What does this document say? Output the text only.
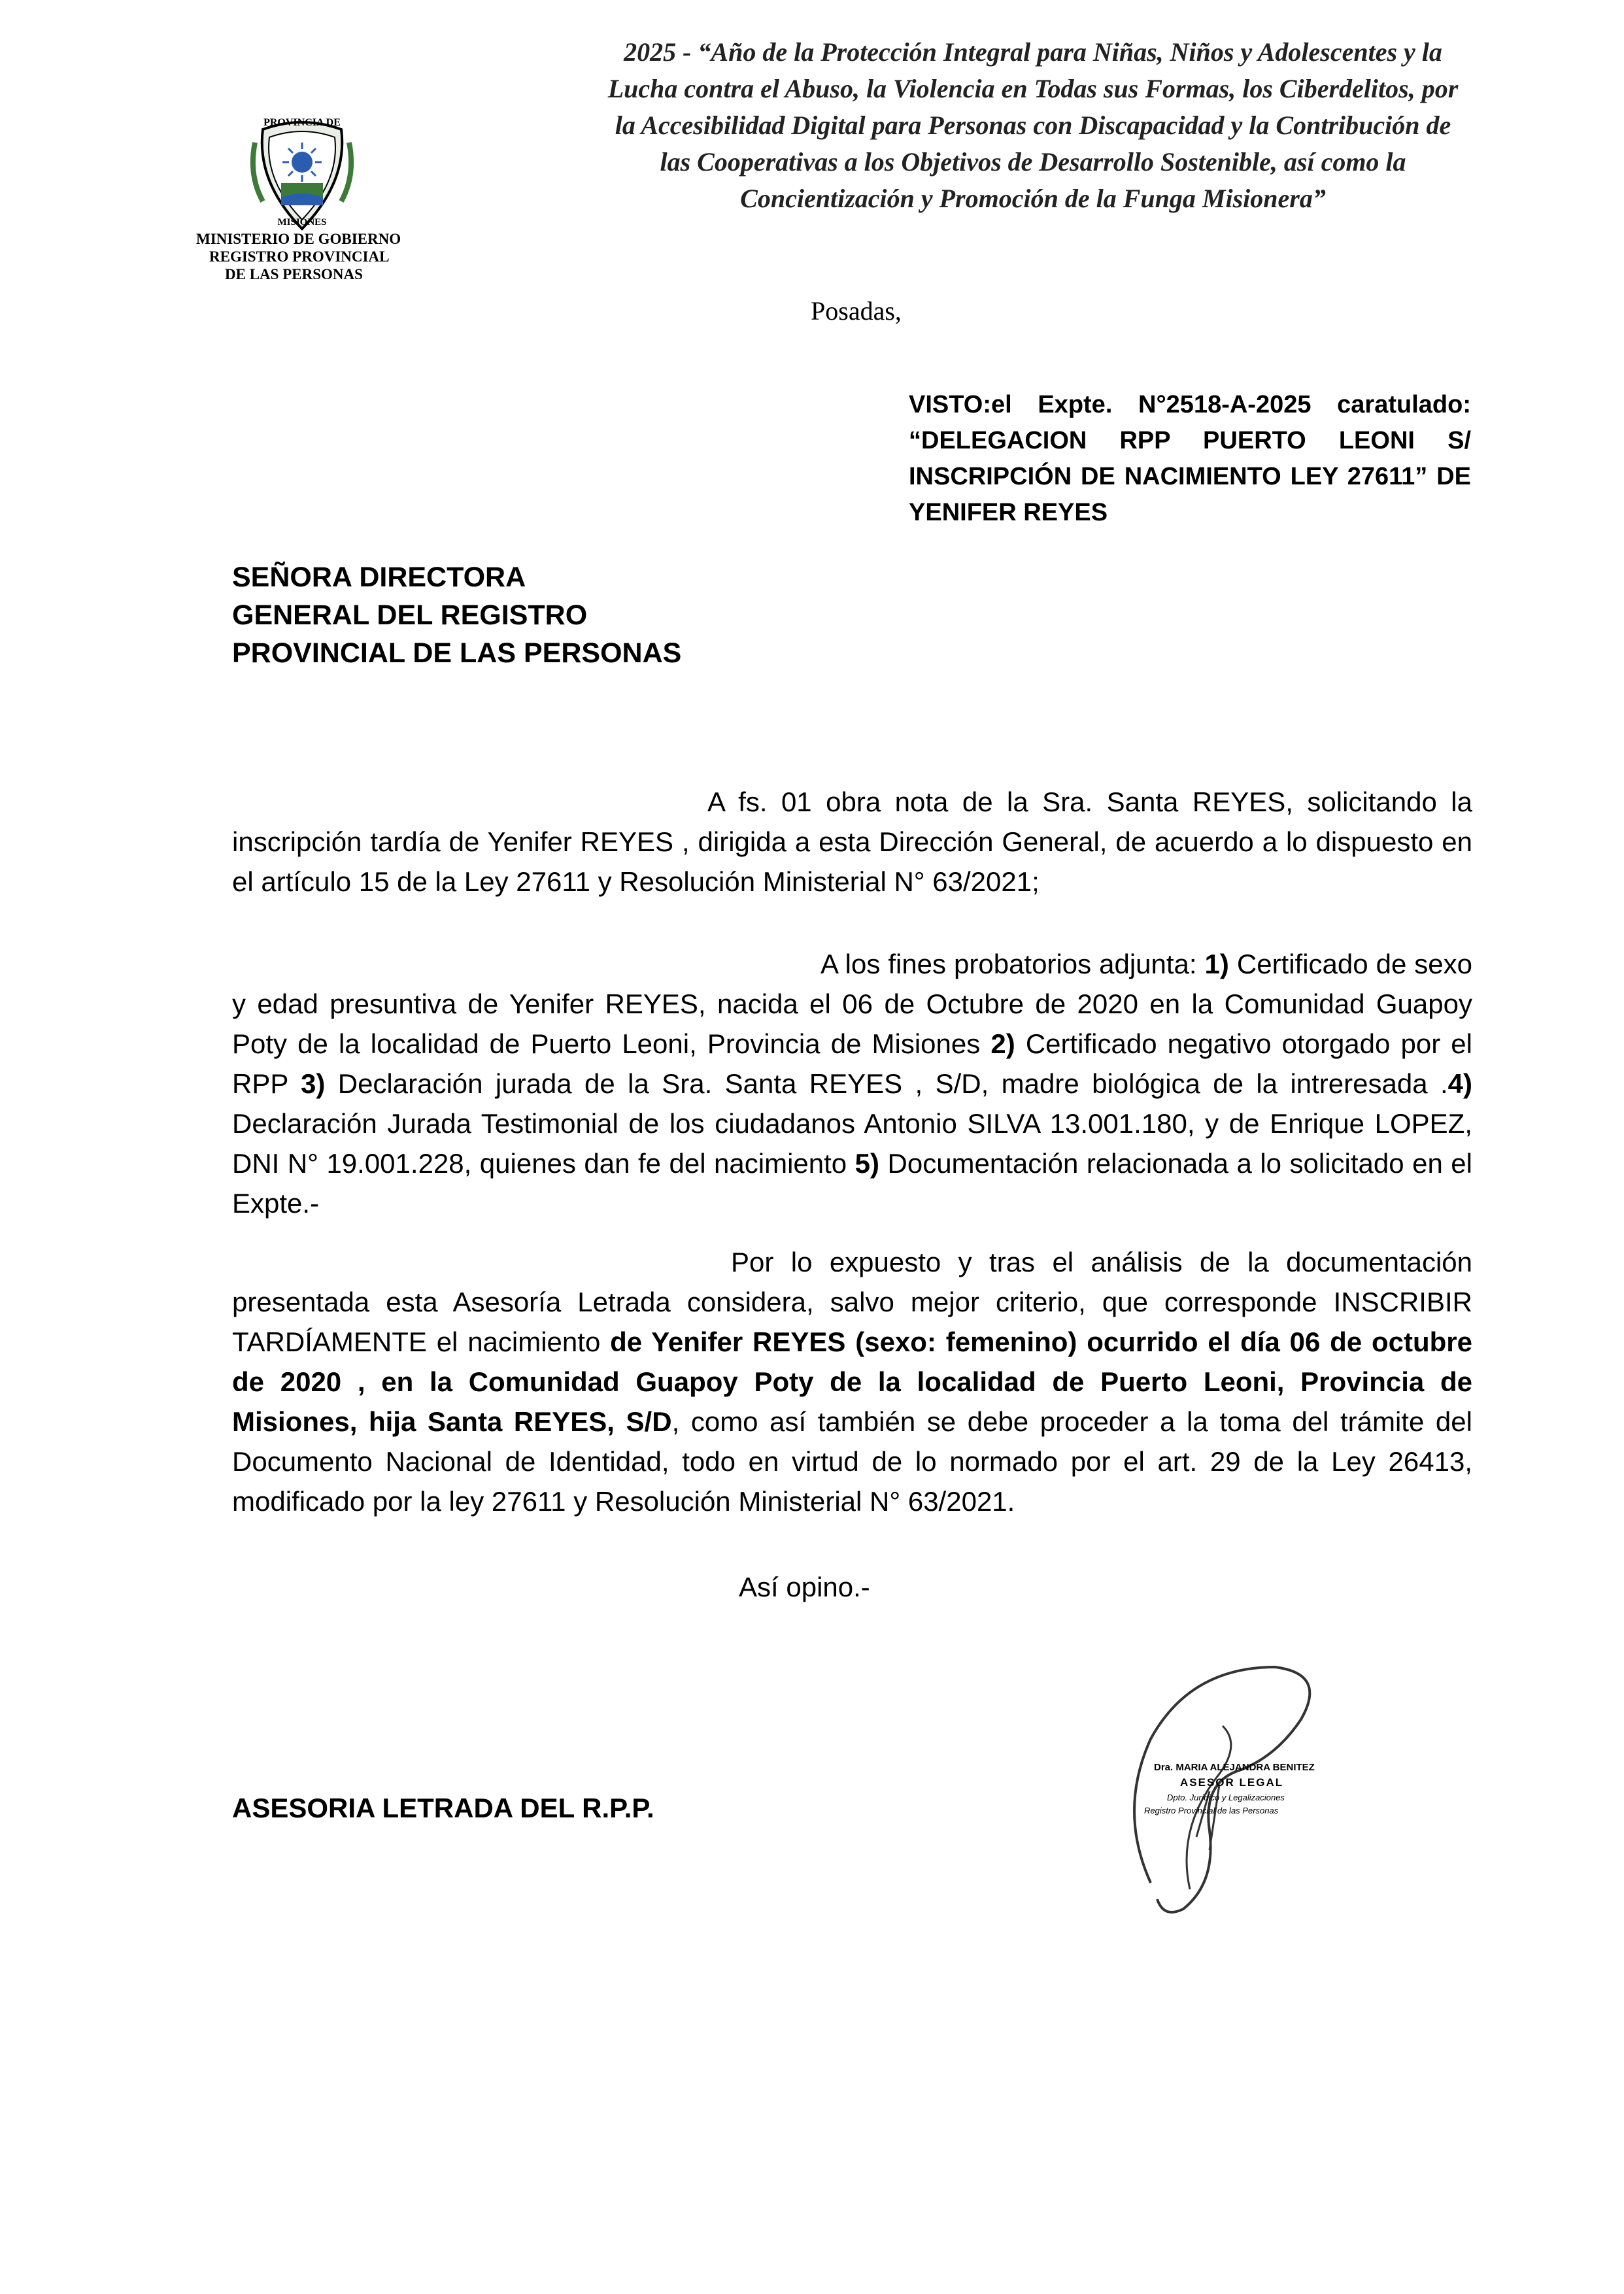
PROVINCIA DE
MISIONES
MINISTERIO DE GOBIERNO
REGISTRO PROVINCIAL
DE LAS PERSONAS
2025 - “Año de la Protección Integral para Niñas, Niños y Adolescentes y la
Lucha contra el Abuso, la Violencia en Todas sus Formas, los Ciberdelitos, por
la Accesibilidad Digital para Personas con Discapacidad y la Contribución de
las Cooperativas a los Objetivos de Desarrollo Sostenible, así como la
Concientización y Promoción de la Funga Misionera”
Posadas,
VISTO:el Expte. N°2518-A-2025 caratulado: “DELEGACION RPP PUERTO LEONI S/ INSCRIPCIÓN DE NACIMIENTO LEY 27611” DE YENIFER REYES
SEÑORA DIRECTORA
GENERAL DEL REGISTRO
PROVINCIAL DE LAS PERSONAS
A fs. 01 obra nota de la Sra. Santa REYES, solicitando la inscripción tardía de Yenifer REYES , dirigida a esta Dirección General, de acuerdo a lo dispuesto en el artículo 15 de la Ley 27611 y Resolución Ministerial N° 63/2021;
A los fines probatorios adjunta: 1) Certificado de sexo y edad presuntiva de Yenifer REYES, nacida el 06 de Octubre de 2020 en la Comunidad Guapoy Poty de la localidad de Puerto Leoni, Provincia de Misiones 2) Certificado negativo otorgado por el RPP 3) Declaración jurada de la Sra. Santa REYES , S/D, madre biológica de la intreresada .4) Declaración Jurada Testimonial de los ciudadanos Antonio SILVA 13.001.180, y de Enrique LOPEZ, DNI N° 19.001.228, quienes dan fe del nacimiento 5) Documentación relacionada a lo solicitado en el Expte.-
Por lo expuesto y tras el análisis de la documentación presentada esta Asesoría Letrada considera, salvo mejor criterio, que corresponde INSCRIBIR TARDÍAMENTE el nacimiento de Yenifer REYES (sexo: femenino) ocurrido el día 06 de octubre de 2020 , en la Comunidad Guapoy Poty de la localidad de Puerto Leoni, Provincia de Misiones, hija Santa REYES, S/D, como así también se debe proceder a la toma del trámite del Documento Nacional de Identidad, todo en virtud de lo normado por el art. 29 de la Ley 26413, modificado por la ley 27611 y Resolución Ministerial N° 63/2021.
Así opino.-
ASESORIA LETRADA DEL R.P.P.
Dra. MARIA ALEJANDRA BENITEZ
ASESOR LEGAL
Dpto. Jurídico y Legalizaciones
Registro Provincial de las Personas
